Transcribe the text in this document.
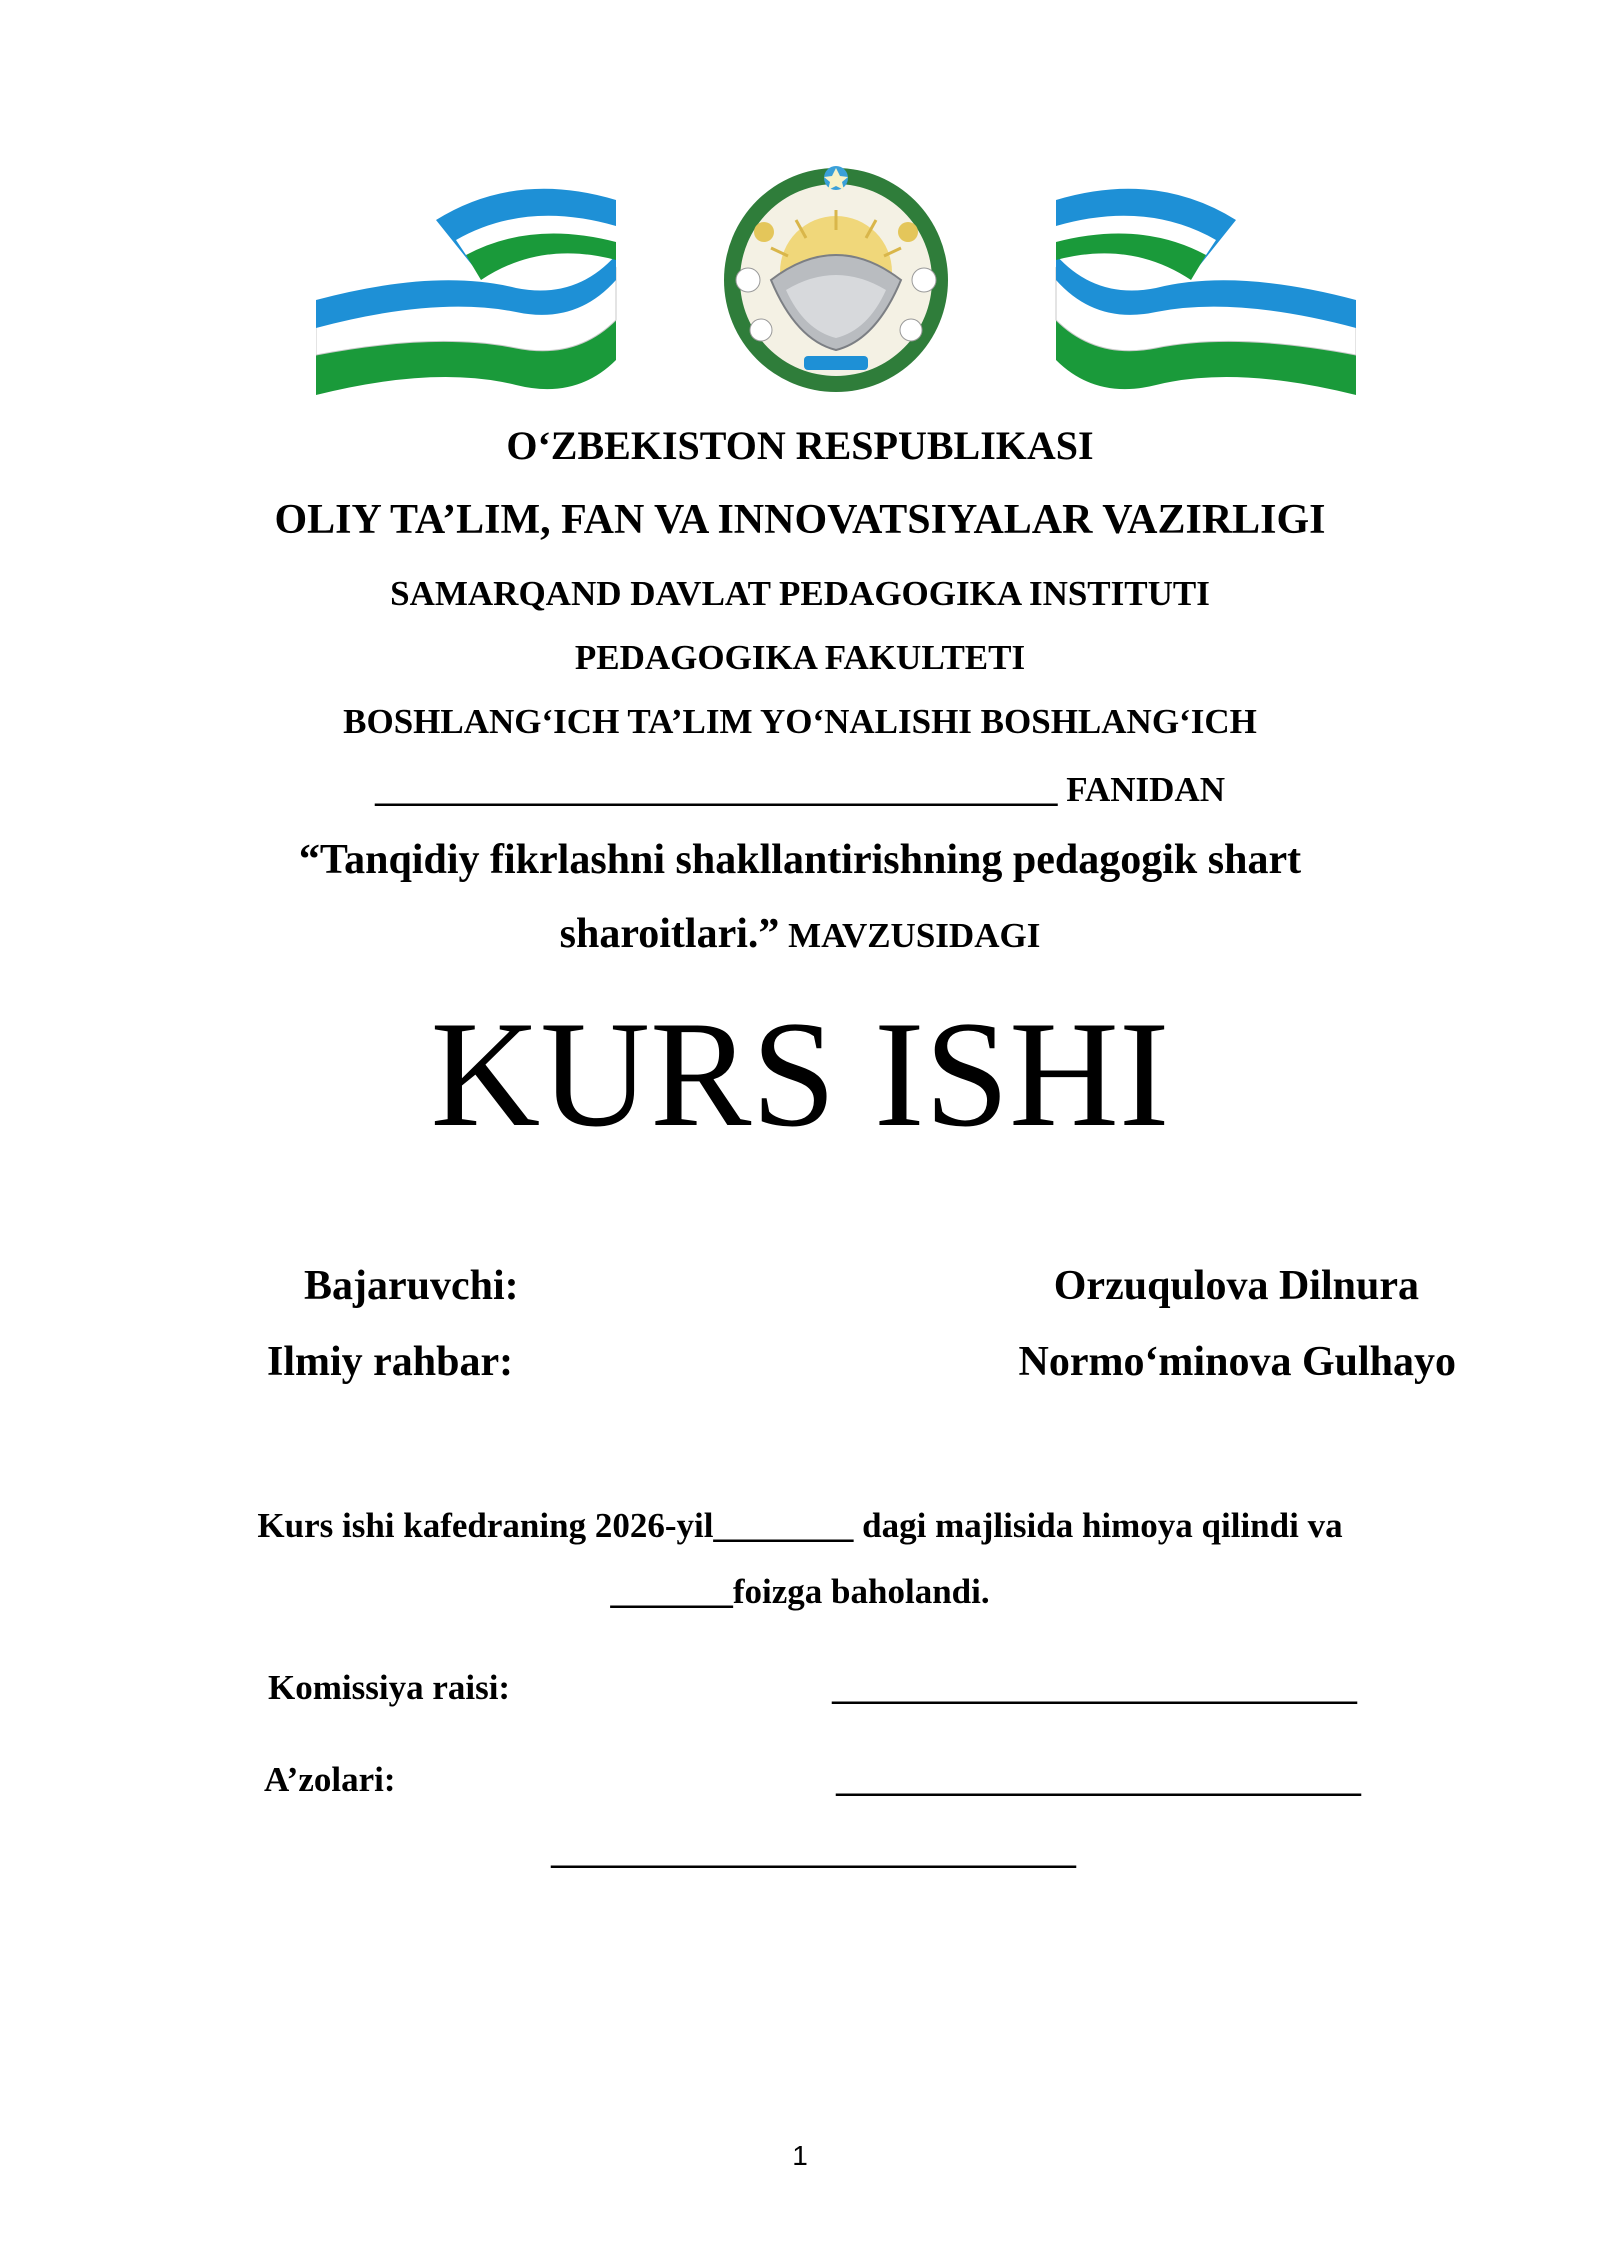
O‘ZBEKISTON RESPUBLIKASI
OLIY TA’LIM, FAN VA INNOVATSIYALAR VAZIRLIGI
SAMARQAND DAVLAT PEDAGOGIKA INSTITUTI
PEDAGOGIKA FAKULTETI
BOSHLANG‘ICH TA’LIM YO‘NALISHI BOSHLANG‘ICH
_______________________________________ FANIDAN
“Tanqidiy fikrlashni shakllantirishning pedagogik shart
sharoitlari.” MAVZUSIDAGI
KURS ISHI
Bajaruvchi:	Orzuqulova Dilnura
Ilmiy rahbar:	Normo‘minova Gulhayo
Kurs ishi kafedraning 2026-yil________ dagi majlisida himoya qilindi va
_______foizga baholandi.
Komissiya raisi:	______________________________
A’zolari:	______________________________
______________________________
1
